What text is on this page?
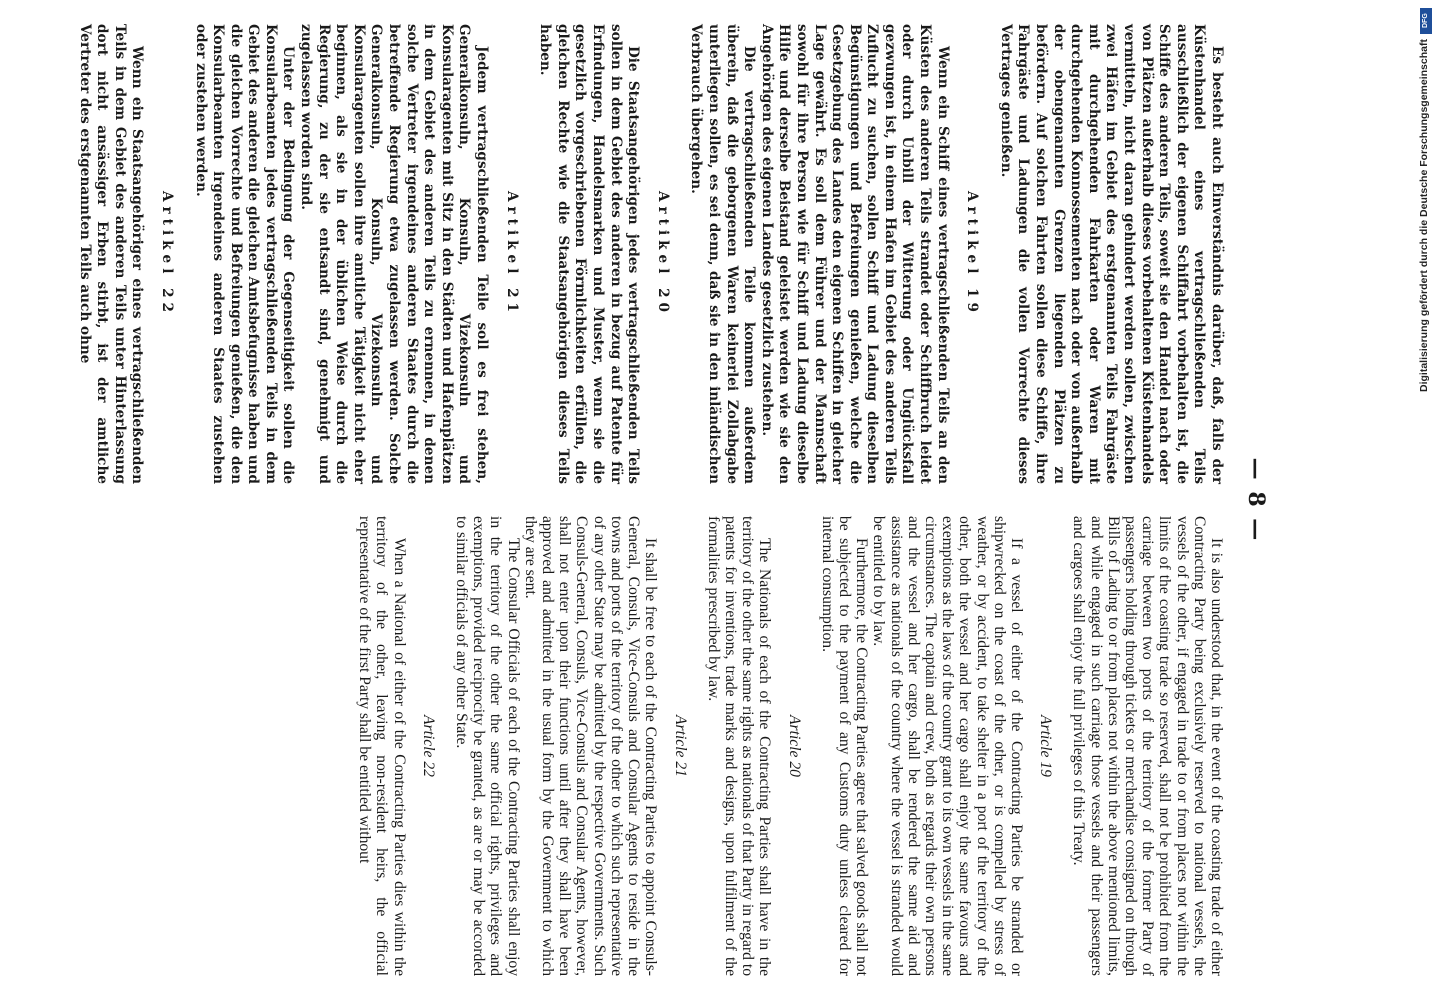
— 8 —

Es besteht auch Einverständnis darüber, daß, falls der Küstenhandel eines vertragschließenden Teils ausschließlich der eigenen Schiffahrt vorbehalten ist, die Schiffe des anderen Teils, soweit sie den Handel nach oder von Plätzen außerhalb dieses vorbehaltenen Küstenhandels vermitteln, nicht daran gehindert werden sollen, zwischen zwei Häfen im Gebiet des erstgenannten Teils Fahrgäste mit durchgehenden Fahrkarten oder Waren mit durchgehenden Konnossementen nach oder von außerhalb der obengenannten Grenzen liegenden Plätzen zu befördern. Auf solchen Fahrten sollen diese Schiffe, ihre Fahrgäste und Ladungen die vollen Vorrechte dieses Vertrages genießen.

Artikel 19

Wenn ein Schiff eines vertragschließenden Teils an den Küsten des anderen Teils strandet oder Schiffbruch leidet oder durch Unbill der Witterung oder Unglücksfall gezwungen ist, in einem Hafen im Gebiet des anderen Teils Zuflucht zu suchen, sollen Schiff und Ladung dieselben Begünstigungen und Befreiungen genießen, welche die Gesetzgebung des Landes den eigenen Schiffen in gleicher Lage gewährt. Es soll dem Führer und der Mannschaft sowohl für ihre Person wie für Schiff und Ladung dieselbe Hilfe und derselbe Beistand geleistet werden wie sie den Angehörigen des eigenen Landes gesetzlich zustehen.

Die vertragschließenden Teile kommen außerdem überein, daß die geborgenen Waren keinerlei Zollabgabe unterliegen sollen, es sei denn, daß sie in den inländischen Verbrauch übergehen.

Artikel 20

Die Staatsangehörigen jedes vertragschließenden Teils sollen in dem Gebiet des anderen in bezug auf Patente für Erfindungen, Handelsmarken und Muster, wenn sie die gesetzlich vorgeschriebenen Förmlichkeiten erfüllen, die gleichen Rechte wie die Staatsangehörigen dieses Teils haben.

Artikel 21

Jedem vertragschließenden Teile soll es frei stehen, Generalkonsuln, Konsuln, Vizekonsuln und Konsularagenten mit Sitz in den Städten und Hafenplätzen in dem Gebiet des anderen Teils zu ernennen, in denen solche Vertreter irgendeines anderen Staates durch die betreffende Regierung etwa zugelassen werden. Solche Generalkonsuln, Konsuln, Vizekonsuln und Konsularagenten sollen ihre amtliche Tätigkeit nicht eher beginnen, als sie in der üblichen Weise durch die Regierung, zu der sie entsandt sind, genehmigt und zugelassen worden sind.

Unter der Bedingung der Gegenseitigkeit sollen die Konsularbeamten jedes vertragschließenden Teils in dem Gebiet des anderen die gleichen Amtsbefugnisse haben und die gleichen Vorrechte und Befreiungen genießen, die den Konsularbeamten irgendeines anderen Staates zustehen oder zustehen werden.

Artikel 22

Wenn ein Staatsangehöriger eines vertragschließenden Teils in dem Gebiet des anderen Teils unter Hinterlassung dort nicht ansässiger Erben stirbt, ist der amtliche Vertreter des erstgenannten Teils auch ohne

It is also understood that, in the event of the coasting trade of either Contracting Party being exclusively reserved to national vessels, the vessels of the other, if engaged in trade to or from places not within the limits of the coasting trade so reserved, shall not be prohibited from the carriage between two ports of the territory of the former Party of passengers holding through tickets or merchandise consigned on through Bills of Lading to or from places not within the above mentioned limits, and while engaged in such carriage those vessels and their passengers and cargoes shall enjoy the full privileges of this Treaty.

Article 19

If a vessel of either of the Contracting Parties be stranded or shipwrecked on the coast of the other, or is compelled by stress of weather, or by accident, to take shelter in a port of the territory of the other, both the vessel and her cargo shall enjoy the same favours and exemptions as the laws of the country grant to its own vessels in the same circumstances. The captain and crew, both as regards their own persons and the vessel and her cargo, shall be rendered the same aid and assistance as nationals of the country where the vessel is stranded would be entitled to by law.

Furthermore, the Contracting Parties agree that salved goods shall not be subjected to the payment of any Customs duty unless cleared for internal consumption.

Article 20

The Nationals of each of the Contracting Parties shall have in the territory of the other the same rights as nationals of that Party in regard to patents for inventions, trade marks and designs, upon fulfilment of the formalities prescribed by law.

Article 21

It shall be free to each of the Contracting Parties to appoint Consuls-General, Consuls, Vice-Consuls and Consular Agents to reside in the towns and ports of the territory of the other to which such representative of any other State may be admitted by the respective Governments. Such Consuls-General, Consuls, Vice-Consuls and Consular Agents, however, shall not enter upon their functions until after they shall have been approved and admitted in the usual form by the Government to which they are sent.

The Consular Officials of each of the Contracting Parties shall enjoy in the territory of the other the same official rights, privileges and exemptions, provided reciprocity be granted, as are or may be accorded to similar officials of any other State.

Article 22

When a National of either of the Contracting Parties dies within the territory of the other, leaving non-resident heirs, the official representative of the first Party shall be entitled without

DFG
Digitalisierung gefördert durch die Deutsche Forschungsgemeinschaft
